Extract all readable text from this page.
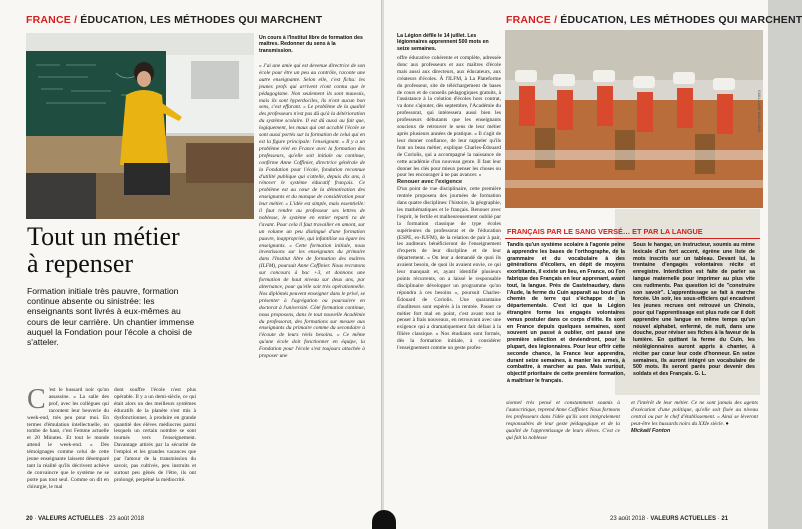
FRANCE / ÉDUCATION, LES MÉTHODES QUI MARCHENT
Un cours à l'Institut libre de formation des maîtres. Redonner du sens à la transmission.
Tout un métier à repenser
Formation initiale très pauvre, formation continue absente ou sinistrée: les enseignants sont livrés à eux-mêmes au cours de leur carrière. Un chantier immense auquel la Fondation pour l'école a choisi de s'atteler.
C 'est le hussard noir qu'on assassine. « La salle des prof, avec les collègues qui racontent leur beuverie du week-end, très peu pour moi. En termes d'émulation intellectuelle, on tombe de haut, c'est Femme actuelle et 20 Minutes. Et tout le monde attend le week-end. » Des témoignages comme celui de cette jeune enseignante laissent désemparé tant la réalité qu'ils décrivent achève de convaincre que le système ne se porte pas tout seul. Comme on dit en chirurgie, le mal
dont souffre l'école n'est plus opérable. Il y a un demi-siècle, ce qui était alors un des meilleurs systèmes éducatifs de la planète s'est mis à dysfonctionner, à produire en grande quantité des élèves médiocres parmi lesquels un certain nombre se sont tournés vers l'enseignement. Davantage attirés par la sécurité de l'emploi et les grandes vacances que par l'amour de la transmission du savoir, pas cultivés, peu instruits et surtout peu gênés de l'être, ils ont prolongé, perpétué la médiocrité.
« J'ai une amie qui est devenue directrice de son école pour être un peu au contrôle, raconte une autre enseignante. Selon elle, c'est fichu: les jeunes profs qui arrivent n'ont connu que le pédagogisme. Non seulement ils sont mauvais, mais ils sont hyperdociles, ils n'ont aucun bon sens, c'est effarant. » Le problème de la qualité des professeurs n'est pas dû qu'à la détérioration du système scolaire. Il est dû aussi au fait que, logiquement, les maux qui ont accablé l'école se sont aussi portés sur la formation de celui qui en est la figure principale: l'enseignant. « Il y a un problème réel en France avec la formation des professeurs, qu'elle soit initiale ou continue, confirme Anne Coffinier, directrice générale de la Fondation pour l'école, fondation reconnue d'utilité publique qui s'attelle, depuis dix ans, à rénover le système éducatif français. Ce problème est au cœur de la démotivation des enseignants et du manque de considération pour leur métier. » L'idée est simple, mais essentielle: il faut rendre au professeur ses lettres de noblesse, le système en entier reparti ra de l'avant. Pour cela il faut travailler en amont, sur un volume un peu distingué d'une formation pauvre, inappropriée, qui infantilise ou égare les enseignants. « Cette formation initiale, nous investissons sur les enseignants du primaire dans l'Institut libre de formation des maîtres (ILFM), poursuit Anne Coffinier. Nous recrutons sur concours à bac +3, et donnons une formation de haut niveau sur deux ans, par alternance, pour qu'elle soit très opérationnelle. Nos diplômés peuvent enseigner dans le privé, se présenter à l'agrégation ou poursuivre en doctorat à l'université. Côté formation continue, nous proposons, dans le tout nouvelle Académie du professorat, des formations sur mesure aux enseignants du primaire comme du secondaire à l'écoute de leurs réels besoins. » Ce même qu'une école doit fonctionner en équipe, la Fondation pour l'école s'est toujours attachée à proposer une
20 · VALEURS ACTUELLES · 23 août 2018
La Légion défile le 14 juillet. Les légionnaires apprennent 500 mots en seize semaines.
FRANCE / ÉDUCATION, LES MÉTHODES QUI MARCHENT
GUILLAUME MARCHAND

offre éducative cohérente et complète, adressée donc aux professeurs et aux maîtres d'école mais aussi aux directeurs, aux éducateurs, aux créateurs d'écoles. À l'ILFM, à La Plateforme du professeur, site de téléchargement de bases de cours et de conseils pédagogiques gratuits, à l'assistance à la création d'écoles hors contrat, va donc s'ajouter, dès septembre, l'Académie du professorat, qui intéressera aussi bien les professeurs débutants que les enseignants soucieux de retrouver le sens de leur métier après plusieurs années de pratique. « Il s'agit de leur donner confiance, de leur rappeler qu'ils font un beau métier, explique Charles-Édouard de Coriolis, qui a accompagné la naissance de cette académie d'un nouveau genre. Il faut leur donner les clés pour mieux penser les choses ou pour les encourager à ne pas avancer. »

Renouer avec l'exigence

D'un point de vue disciplinaire, cette première rentrée proposera des journées de formation dans quatre disciplines: l'histoire, la géographie, les mathématiques et le français. Renouer avec l'esprit, le fertile et malheureusement oublié par la formation classique de type écoles supérieures du professorat et de l'éducation (ESPE, ex-IUFM), de la relation de pair à pair, les auditeurs bénéficieront de l'enseignement d'experts de leur discipline et de leur département. « On leur a demandé de quoi ils avaient besoin, de quoi ils avaient envie, ce qui leur manquait et, ayant identifié plusieurs points récurrents, on a laissé le responsable disciplinaire développer un programme qu'on répondra à ces besoins », poursuit Charles-Édouard de Coriolis. Une quarantaine d'auditeurs sont espérés à la rentrée. Passer ce métier fort mal en point, c'est avant tout le penser à frais nouveaux, en retrouvant avec une exigence qui a dramatiquement fait défaut à la filière classique. « Nos étudiants sont formés, dès la formation initiale, à considérer l'enseignement comme un geste profes-

sionnel très pensé et constamment soumis à l'autocritique, reprend Anne Coffinier. Nous formons les professeurs dans l'idée qu'ils sont intégralement responsables de leur geste pédagogique et de la qualité de l'apprentissage de leurs élèves. C'est ce qui fait la noblesse

et l'intérêt de leur métier. Ce ne sont jamais des agents d'exécution d'une politique, qu'elle soit fixée au niveau central ou par le chef d'établissement. » Ainsi se lèveront peut-être les hussards noirs du XXIe siècle. ●

Mickaël Fonton

23 août 2018 · VALEURS ACTUELLES · 21
FRANÇAIS PAR LE SANG VERSÉ… ET PAR LA LANGUE
Tandis qu'un système scolaire à l'agonie peine à apprendre les bases de l'orthographe, de la grammaire et du vocabulaire à des générations d'écoliers, en dépit de moyens exorbitants, il existe un lieu, en France, où l'on fabrique des Français en leur apprenant, avant tout, la langue. Près de Castelnaudary, dans l'Aude, la ferme du Cuin apparaît au bout d'un chemin de terre qui s'échappe de la départementale. C'est ici que la Légion étrangère forme les engagés volontaires venus postuler dans ce corps d'élite. Ils sont en France depuis quelques semaines, sont souvent un passé à oublier, ont passé une première sélection et deviendront, pour la plupart, des légionnaires. Pour leur offrir cette seconde chance, la France leur apprendra, durant seize semaines, à manier les armes, à combattre, à marcher au pas. Mais surtout, objectif prioritaire de cette première formation, à maîtriser le français.
Sous le hangar, un instructeur, soumis au mime lexicale d'un fort accent, égrène une liste de mots inscrits sur un tableau. Devant lui, la trentaine d'engagés volontaires récite et enregistre. Interdiction est faite de parler sa langue maternelle pour imprimer au plus vite ces rudiments. Pas question ici de "construire son savoir". L'apprentissage se fait à marche forcée. Un soir, les sous-officiers qui encadrent les jeunes recrues ont retrouvé un Chinois, pour qui l'apprentissage est plus rude car il doit apprendre une langue en même temps qu'un nouvel alphabet, enfermé, de nuit, dans une douche, pour réviser ses fiches à la faveur de la lumière. En quittant la ferme du Cuin, les néolégionnaires auront appris à chanter, à réciter par cœur leur code d'honneur. En seize semaines, ils auront intégré un vocabulaire de 500 mots. Ils seront parés pour devenir des soldats et des Français. G. L.
